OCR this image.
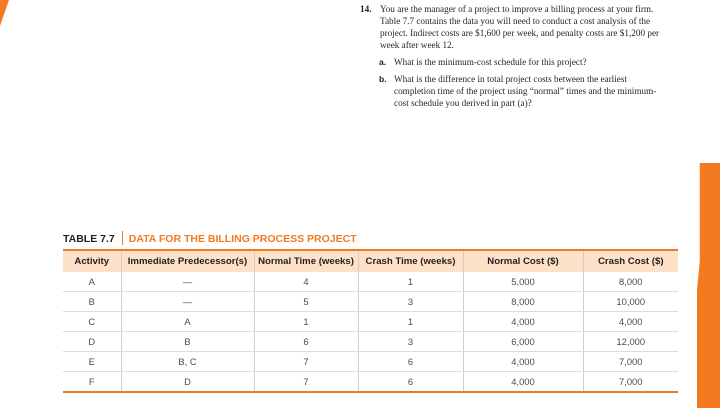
14. You are the manager of a project to improve a billing process at your firm. Table 7.7 contains the data you will need to conduct a cost analysis of the project. Indirect costs are $1,600 per week, and penalty costs are $1,200 per week after week 12.
a. What is the minimum-cost schedule for this project?
b. What is the difference in total project costs between the earliest completion time of the project using “normal” times and the minimum-cost schedule you derived in part (a)?
TABLE 7.7 DATA FOR THE BILLING PROCESS PROJECT
Activity	Immediate Predecessor(s)	Normal Time (weeks)	Crash Time (weeks)	Normal Cost ($)	Crash Cost ($)
A	—	4	1	5,000	8,000
B	—	5	3	8,000	10,000
C	A	1	1	4,000	4,000
D	B	6	3	6,000	12,000
E	B, C	7	6	4,000	7,000
F	D	7	6	4,000	7,000
